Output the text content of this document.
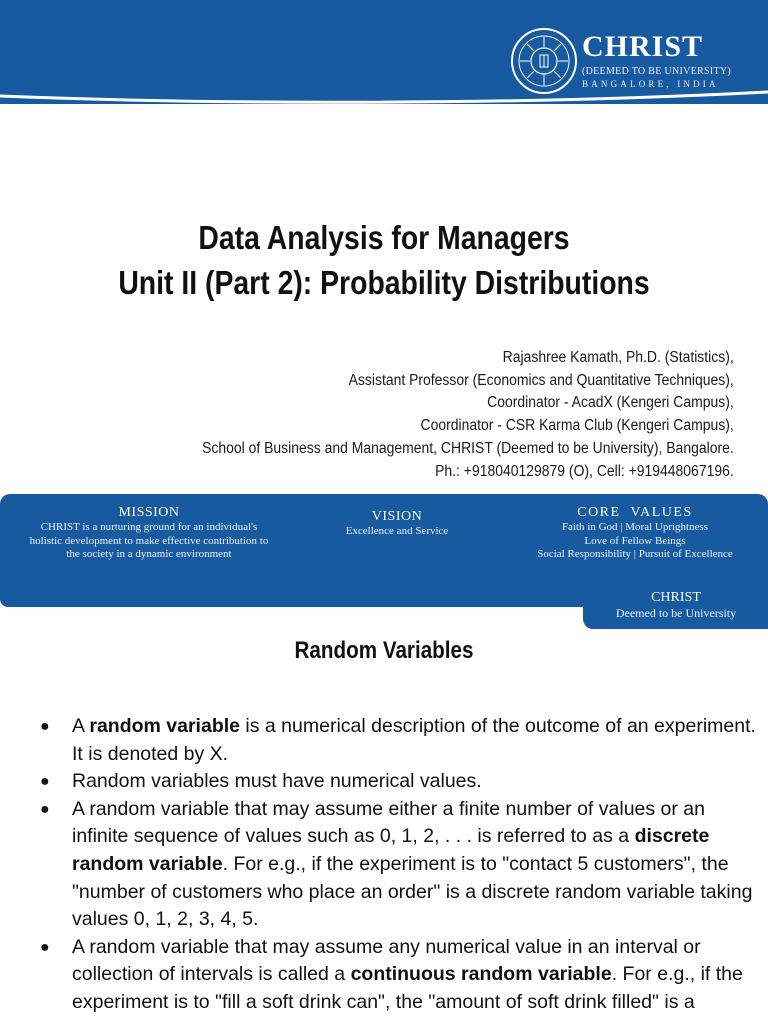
CHRIST
(DEEMED TO BE UNIVERSITY)
BANGALORE, INDIA
Data Analysis for Managers
Unit II (Part 2): Probability Distributions
Rajashree Kamath, Ph.D. (Statistics),
Assistant Professor (Economics and Quantitative Techniques),
Coordinator - AcadX (Kengeri Campus),
Coordinator - CSR Karma Club (Kengeri Campus),
School of Business and Management, CHRIST (Deemed to be University), Bangalore.
Ph.: +918040129879 (O), Cell: +919448067196.
MISSION
CHRIST is a nurturing ground for an individual's
holistic development to make effective contribution to
the society in a dynamic environment
VISION
Excellence and Service
CORE  VALUES
Faith in God | Moral Uprightness
Love of Fellow Beings
Social Responsibility | Pursuit of Excellence
CHRIST
Deemed to be University
Random Variables
● A random variable is a numerical description of the outcome of an experiment. It is denoted by X.
● Random variables must have numerical values.
● A random variable that may assume either a finite number of values or an infinite sequence of values such as 0, 1, 2, . . . is referred to as a discrete random variable. For e.g., if the experiment is to "contact 5 customers", the "number of customers who place an order" is a discrete random variable taking values 0, 1, 2, 3, 4, 5.
● A random variable that may assume any numerical value in an interval or collection of intervals is called a continuous random variable. For e.g., if the experiment is to "fill a soft drink can", the "amount of soft drink filled" is a
